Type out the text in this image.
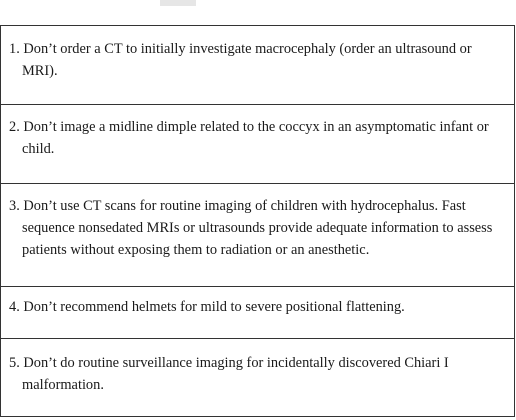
1. Don’t order a CT to initially investigate macrocephaly (order an ultrasound or MRI).
2. Don’t image a midline dimple related to the coccyx in an asymptomatic infant or child.
3. Don’t use CT scans for routine imaging of children with hydrocephalus. Fast sequence nonsedated MRIs or ultrasounds provide adequate information to assess patients without exposing them to radiation or an anesthetic.
4. Don’t recommend helmets for mild to severe positional flattening.
5. Don’t do routine surveillance imaging for incidentally discovered Chiari I malformation.
